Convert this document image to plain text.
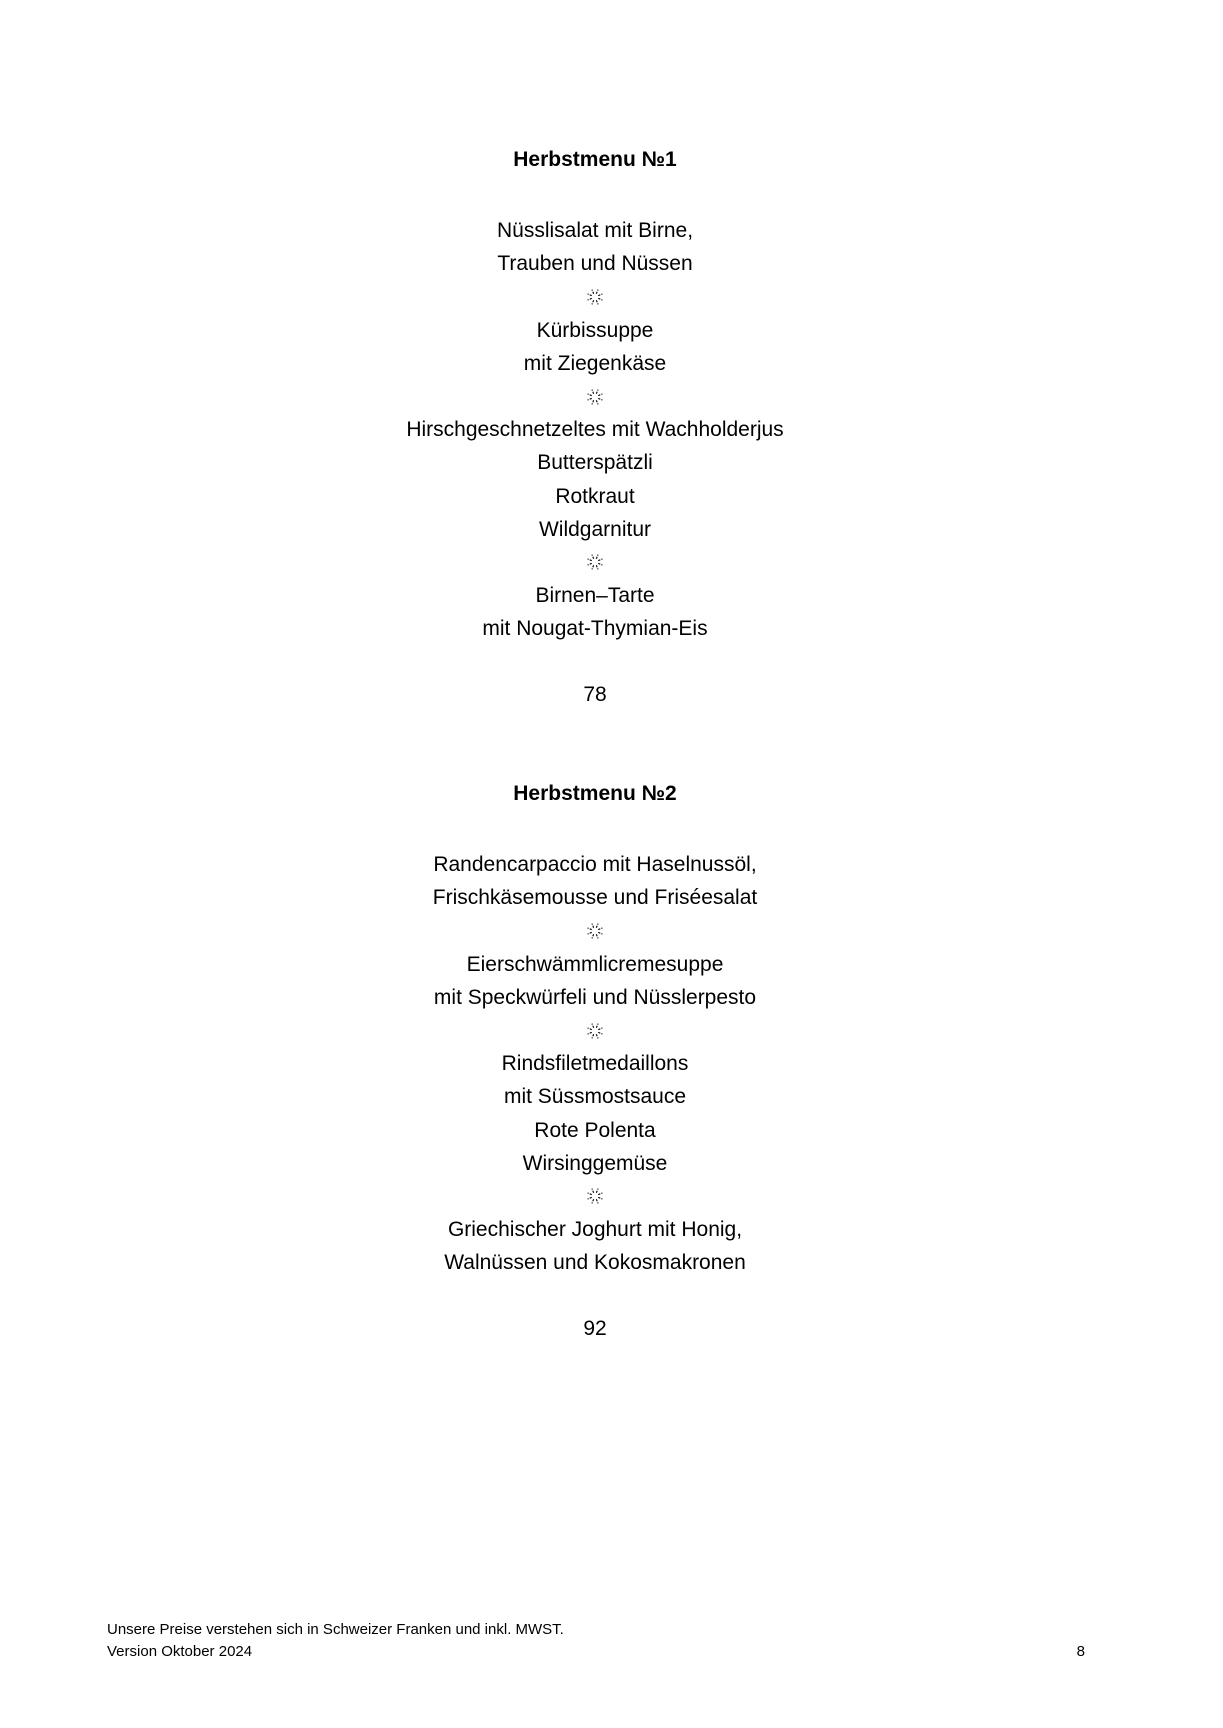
Herbstmenu №1
Nüsslisalat mit Birne,
Trauben und Nüssen
Kürbissuppe
mit Ziegenkäse
Hirschgeschnetzeltes mit Wachholderjus
Butterspätzli
Rotkraut
Wildgarnitur
Birnen–Tarte
mit Nougat-Thymian-Eis
78
Herbstmenu №2
Randencarpaccio mit Haselnussöl,
Frischkäsemousse und Friséesalat
Eierschwämmlicremesuppe
mit Speckwürfeli und Nüsslerpesto
Rindsfiletmedaillons
mit Süssmostsauce
Rote Polenta
Wirsinggemüse
Griechischer Joghurt mit Honig,
Walnüssen und Kokosmakronen
92
Unsere Preise verstehen sich in Schweizer Franken und inkl. MWST.
Version Oktober 2024	8
